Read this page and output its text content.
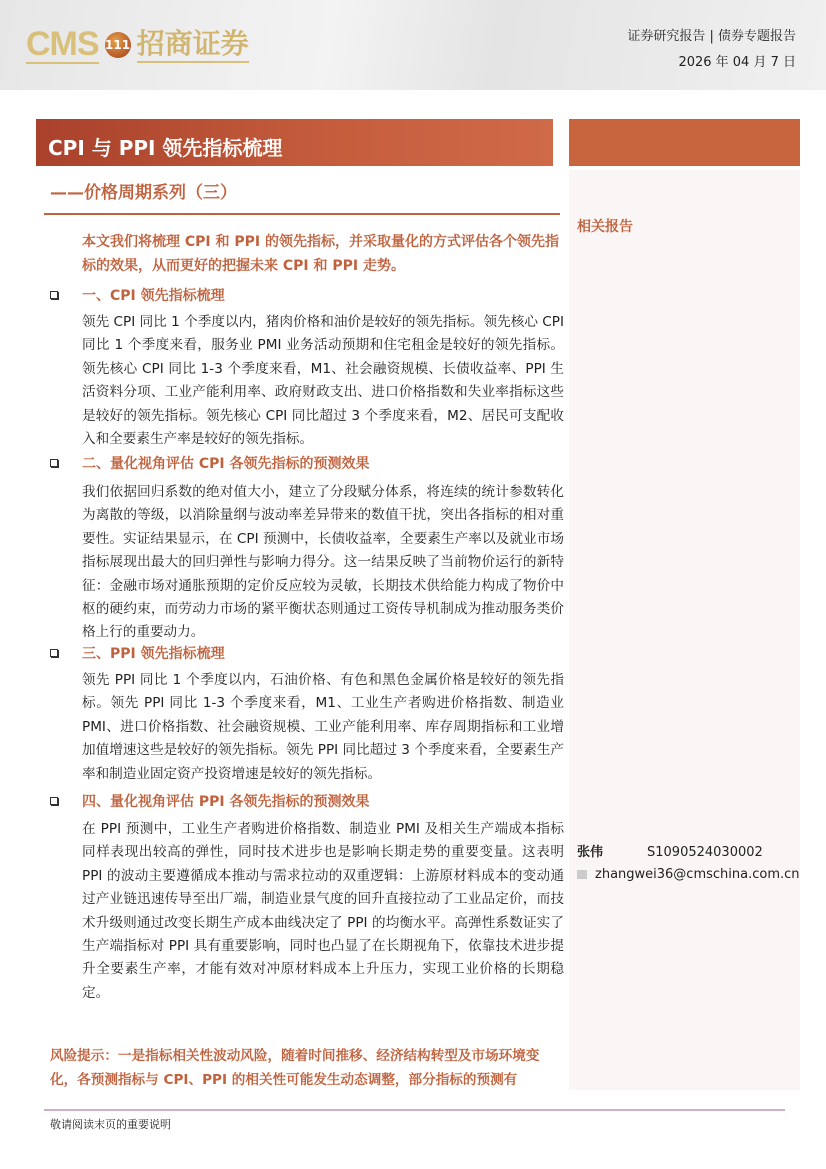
CMS 111 招商证券	证券研究报告 | 债券专题报告
2026 年 04 月 7 日
CPI 与 PPI 领先指标梳理
——价格周期系列（三）
本文我们将梳理 CPI 和 PPI 的领先指标，并采取量化的方式评估各个领先指标的效果，从而更好的把握未来 CPI 和 PPI 走势。
一、CPI 领先指标梳理
领先 CPI 同比 1 个季度以内，猪肉价格和油价是较好的领先指标。领先核心 CPI 同比 1 个季度来看，服务业 PMI 业务活动预期和住宅租金是较好的领先指标。领先核心 CPI 同比 1-3 个季度来看，M1、社会融资规模、长债收益率、PPI 生活资料分项、工业产能利用率、政府财政支出、进口价格指数和失业率指标这些是较好的领先指标。领先核心 CPI 同比超过 3 个季度来看，M2、居民可支配收入和全要素生产率是较好的领先指标。
二、量化视角评估 CPI 各领先指标的预测效果
我们依据回归系数的绝对值大小，建立了分段赋分体系，将连续的统计参数转化为离散的等级，以消除量纲与波动率差异带来的数值干扰，突出各指标的相对重要性。实证结果显示，在 CPI 预测中，长债收益率，全要素生产率以及就业市场指标展现出最大的回归弹性与影响力得分。这一结果反映了当前物价运行的新特征：金融市场对通胀预期的定价反应较为灵敏，长期技术供给能力构成了物价中枢的硬约束，而劳动力市场的紧平衡状态则通过工资传导机制成为推动服务类价格上行的重要动力。
三、PPI 领先指标梳理
领先 PPI 同比 1 个季度以内，石油价格、有色和黑色金属价格是较好的领先指标。领先 PPI 同比 1-3 个季度来看，M1、工业生产者购进价格指数、制造业 PMI、进口价格指数、社会融资规模、工业产能利用率、库存周期指标和工业增加值增速这些是较好的领先指标。领先 PPI 同比超过 3 个季度来看，全要素生产率和制造业固定资产投资增速是较好的领先指标。
四、量化视角评估 PPI 各领先指标的预测效果
在 PPI 预测中，工业生产者购进价格指数、制造业 PMI 及相关生产端成本指标同样表现出较高的弹性，同时技术进步也是影响长期走势的重要变量。这表明 PPI 的波动主要遵循成本推动与需求拉动的双重逻辑：上游原材料成本的变动通过产业链迅速传导至出厂端，制造业景气度的回升直接拉动了工业品定价，而技术升级则通过改变长期生产成本曲线决定了 PPI 的均衡水平。高弹性系数证实了生产端指标对 PPI 具有重要影响，同时也凸显了在长期视角下，依靠技术进步提升全要素生产率，才能有效对冲原材料成本上升压力，实现工业价格的长期稳定。
相关报告
张伟	S1090524030002
zhangwei36@cmschina.com.cn
风险提示：一是指标相关性波动风险，随着时间推移、经济结构转型及市场环境变化，各预测指标与 CPI、PPI 的相关性可能发生动态调整，部分指标的预测有
敬请阅读末页的重要说明
